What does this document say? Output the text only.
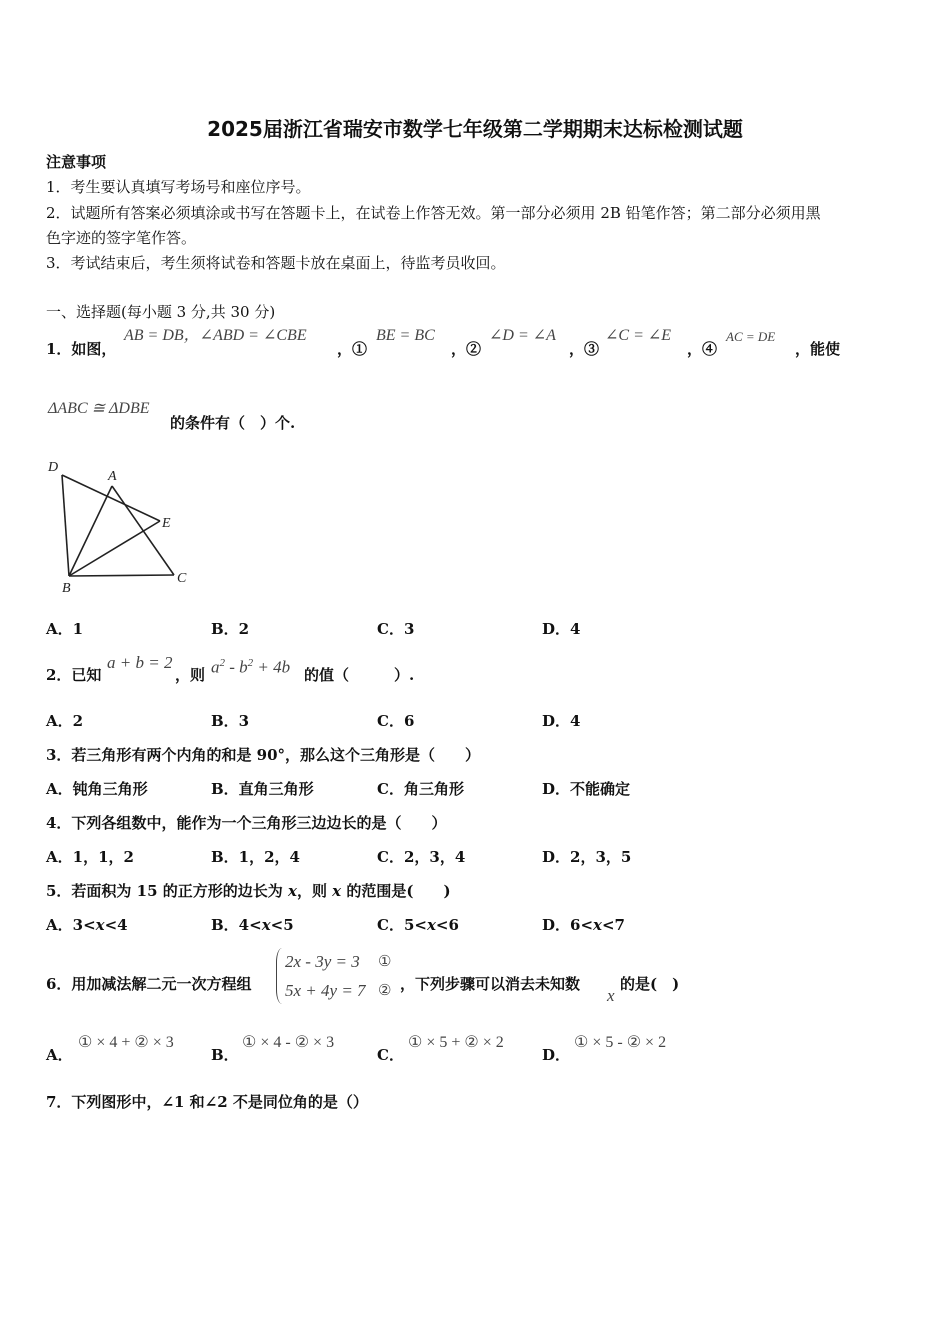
2025届浙江省瑞安市数学七年级第二学期期末达标检测试题
注意事项
1．考生要认真填写考场号和座位序号。
2．试题所有答案必须填涂或书写在答题卡上，在试卷上作答无效。第一部分必须用 2B 铅笔作答；第二部分必须用黑
色字迹的签字笔作答。
3．考试结束后，考生须将试卷和答题卡放在桌面上，待监考员收回。
一、选择题(每小题 3 分,共 30 分)
1．如图，
AB = DB，∠ABD = ∠CBE
，①
BE = BC
，②
∠D = ∠A
，③
∠C = ∠E
，④
AC = DE
，能使
ΔABC ≅ ΔDBE
的条件有（　）个.
D
A
E
B
C
A．1	B．2	C．3	D．4
2．已知
a + b = 2
，则 $a^2 - b^2 + 4b$ 的值（　　　）.
A．2	B．3	C．6	D．4
3．若三角形有两个内角的和是 90°，那么这个三角形是（　　）
A．钝角三角形	B．直角三角形	C．角三角形	D．不能确定
4．下列各组数中，能作为一个三角形三边边长的是（　　）
A．1，1，2	B．1，2，4	C．2，3，4	D．2，3，5
5．若面积为 15 的正方形的边长为 x，则 x 的范围是(　　)
A．3<x<4	B．4<x<5	C．5<x<6	D．6<x<7
6．用加减法解二元一次方程组
2x - 3y = 3 ①
5x + 4y = 7 ② ，下列步骤可以消去未知数
x
的是(　)
A．
① × 4 + ② × 3
B．
① × 4 - ② × 3
C．
① × 5 + ② × 2
D．
① × 5 - ② × 2
7．下列图形中，∠1 和∠2 不是同位角的是（）
